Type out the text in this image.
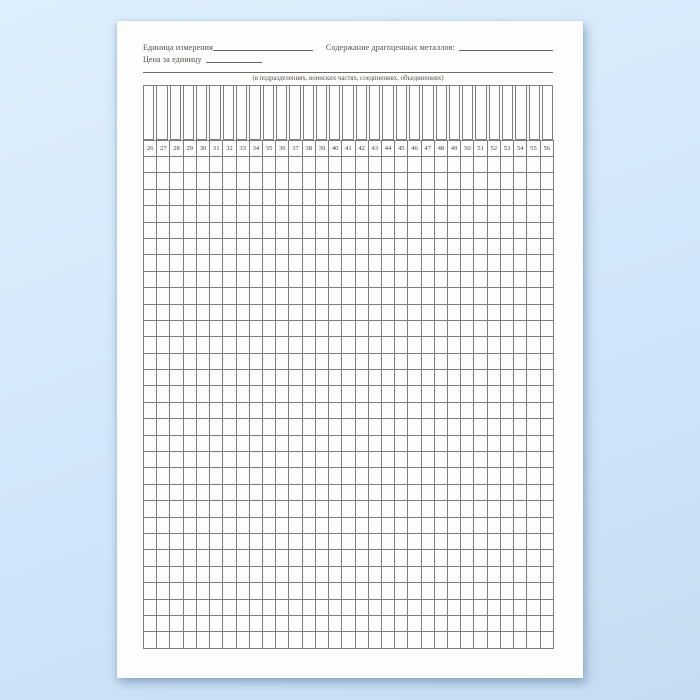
Единица измерения	Содержание драгоценных металлов:
Цена за единицу
(в подразделениях, воинских частях, соединениях, объединениях)
26	27	28	29	30	31	32	33	34	35	36	37	38	39	40	41	42	43	44	45	46	47	48	49	50	51	52	53	54	55	56
